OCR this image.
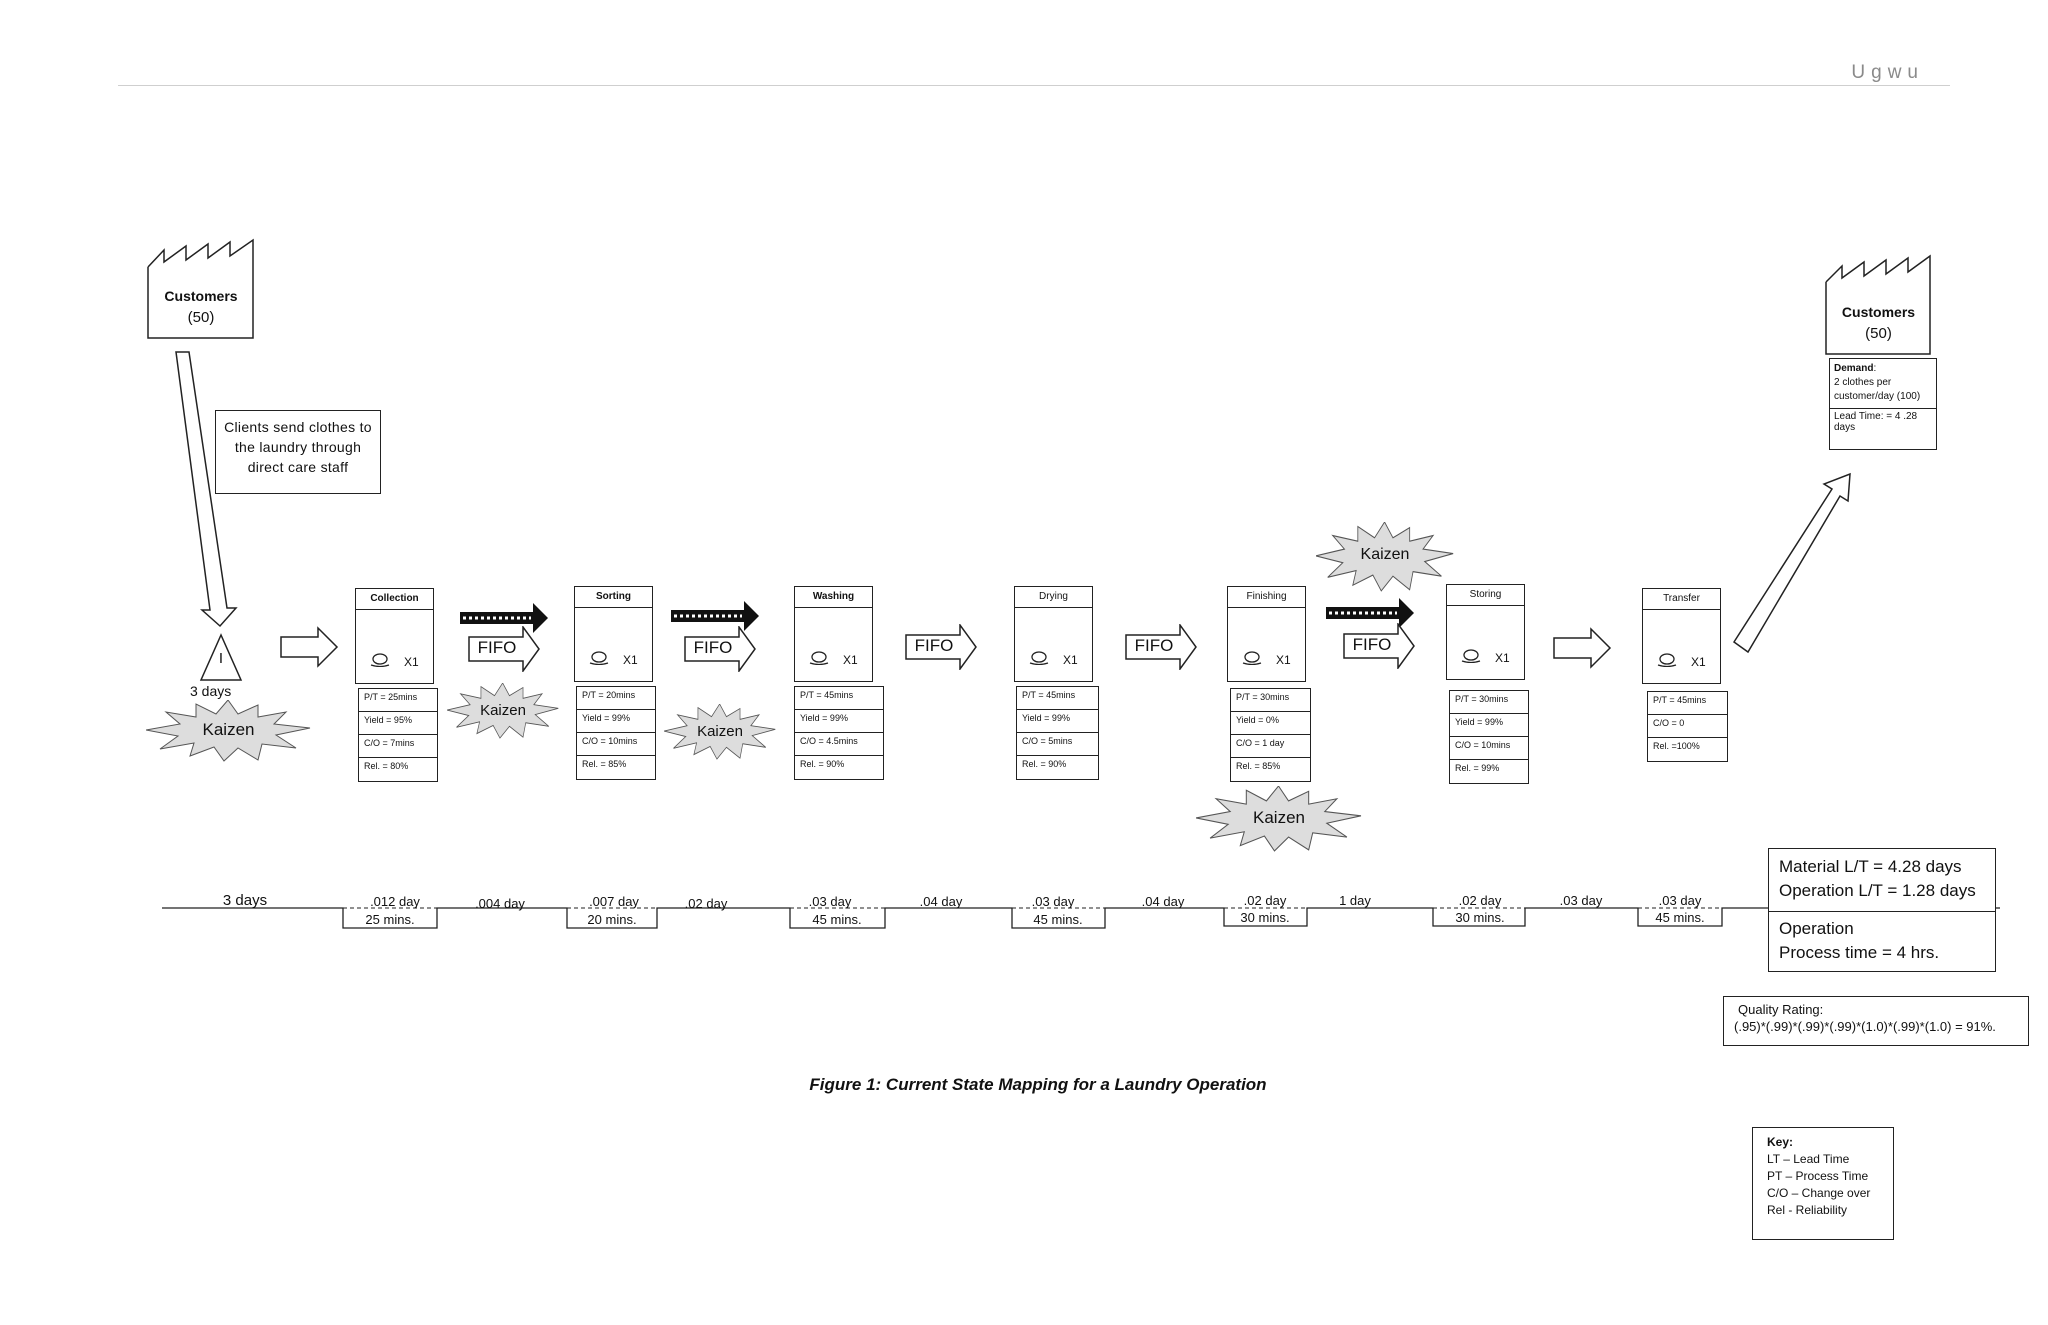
Ugwu
Customers
(50)	Customers
(50)
Demand:
2 clothes per
customer/day (100)
Lead Time: = 4 .28
days
Clients send clothes to
the laundry through
direct care staff
I
3 days
FIFO	FIFO	FIFO	FIFO	FIFO
Collection
X1
Sorting
X1
Washing
X1
Drying
X1
Finishing
X1
Storing
X1
Transfer
X1
P/T = 25mins
Yield = 95%
C/O = 7mins
Rel. = 80%
P/T = 20mins
Yield = 99%
C/O = 10mins
Rel. = 85%
P/T = 45mins
Yield = 99%
C/O = 4.5mins
Rel. = 90%
P/T = 45mins
Yield = 99%
C/O = 5mins
Rel. = 90%
P/T = 30mins
Yield = 0%
C/O = 1 day
Rel. = 85%
P/T = 30mins
Yield = 99%
C/O = 10mins
Rel. = 99%
P/T = 45mins
C/O = 0
Rel. =100%
Kaizen
Kaizen
Kaizen
Kaizen
Kaizen
3 days	.004 day	.02 day	.04 day	.04 day	1 day	.03 day
.012 day	.007 day	.03 day	.03 day	.02 day	.02 day	.03 day
25 mins.	20 mins.	45 mins.	45 mins.	30 mins.	30 mins.	45 mins.
Material L/T = 4.28 days
Operation L/T = 1.28 days
Operation
Process time = 4 hrs.
Quality Rating:
(.95)*(.99)*(.99)*(.99)*(1.0)*(.99)*(1.0) = 91%.
Figure 1: Current State Mapping for a Laundry Operation
Key:
LT – Lead Time
PT – Process Time
C/O – Change over
Rel - Reliability
